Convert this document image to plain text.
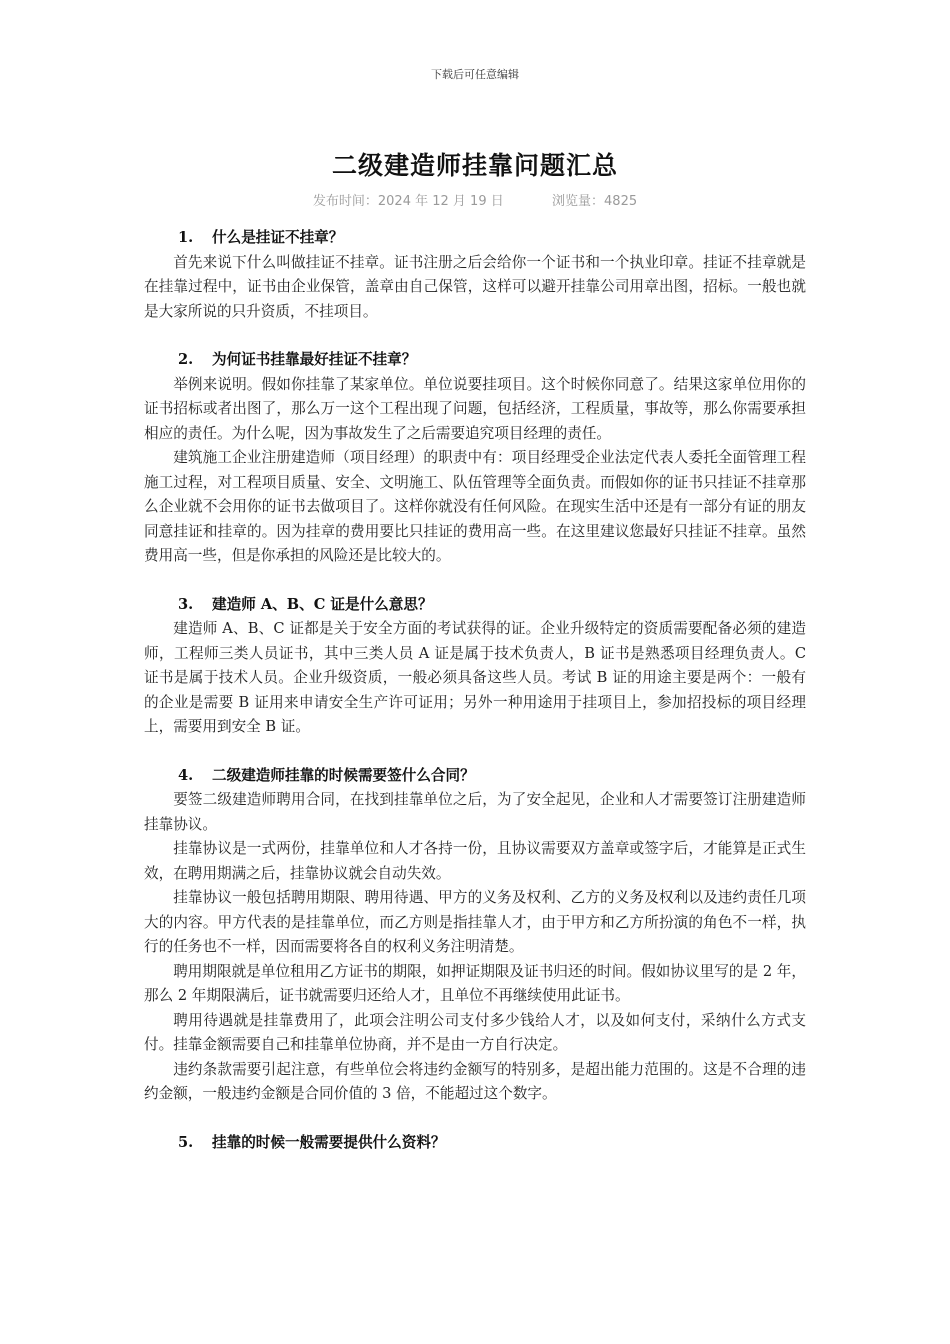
下载后可任意编辑
二级建造师挂靠问题汇总
发布时间：2024 年 12 月 19 日	浏览量：4825
1. 什么是挂证不挂章？

首先来说下什么叫做挂证不挂章。证书注册之后会给你一个证书和一个执业印章。挂证不挂章就是在挂靠过程中，证书由企业保管，盖章由自己保管，这样可以避开挂靠公司用章出图，招标。一般也就是大家所说的只升资质，不挂项目。

2. 为何证书挂靠最好挂证不挂章？

举例来说明。假如你挂靠了某家单位。单位说要挂项目。这个时候你同意了。结果这家单位用你的证书招标或者出图了，那么万一这个工程出现了问题，包括经济，工程质量，事故等，那么你需要承担相应的责任。为什么呢，因为事故发生了之后需要追究项目经理的责任。

建筑施工企业注册建造师（项目经理）的职责中有：项目经理受企业法定代表人委托全面管理工程施工过程，对工程项目质量、安全、文明施工、队伍管理等全面负责。而假如你的证书只挂证不挂章那么企业就不会用你的证书去做项目了。这样你就没有任何风险。在现实生活中还是有一部分有证的朋友同意挂证和挂章的。因为挂章的费用要比只挂证的费用高一些。在这里建议您最好只挂证不挂章。虽然费用高一些，但是你承担的风险还是比较大的。

3. 建造师 A、B、C 证是什么意思？

建造师 A、B、C 证都是关于安全方面的考试获得的证。企业升级特定的资质需要配备必须的建造师，工程师三类人员证书，其中三类人员 A 证是属于技术负责人，B 证书是熟悉项目经理负责人。C 证书是属于技术人员。企业升级资质，一般必须具备这些人员。考试 B 证的用途主要是两个：一般有的企业是需要 B 证用来申请安全生产许可证用；另外一种用途用于挂项目上，参加招投标的项目经理上，需要用到安全 B 证。

4. 二级建造师挂靠的时候需要签什么合同？

要签二级建造师聘用合同，在找到挂靠单位之后，为了安全起见，企业和人才需要签订注册建造师挂靠协议。

挂靠协议是一式两份，挂靠单位和人才各持一份，且协议需要双方盖章或签字后，才能算是正式生效，在聘用期满之后，挂靠协议就会自动失效。

挂靠协议一般包括聘用期限、聘用待遇、甲方的义务及权利、乙方的义务及权利以及违约责任几项大的内容。甲方代表的是挂靠单位，而乙方则是指挂靠人才，由于甲方和乙方所扮演的角色不一样，执行的任务也不一样，因而需要将各自的权利义务注明清楚。

聘用期限就是单位租用乙方证书的期限，如押证期限及证书归还的时间。假如协议里写的是 2 年，那么 2 年期限满后，证书就需要归还给人才，且单位不再继续使用此证书。

聘用待遇就是挂靠费用了，此项会注明公司支付多少钱给人才，以及如何支付，采纳什么方式支付。挂靠金额需要自己和挂靠单位协商，并不是由一方自行决定。

违约条款需要引起注意，有些单位会将违约金额写的特别多，是超出能力范围的。这是不合理的违约金额，一般违约金额是合同价值的 3 倍，不能超过这个数字。

5. 挂靠的时候一般需要提供什么资料？
